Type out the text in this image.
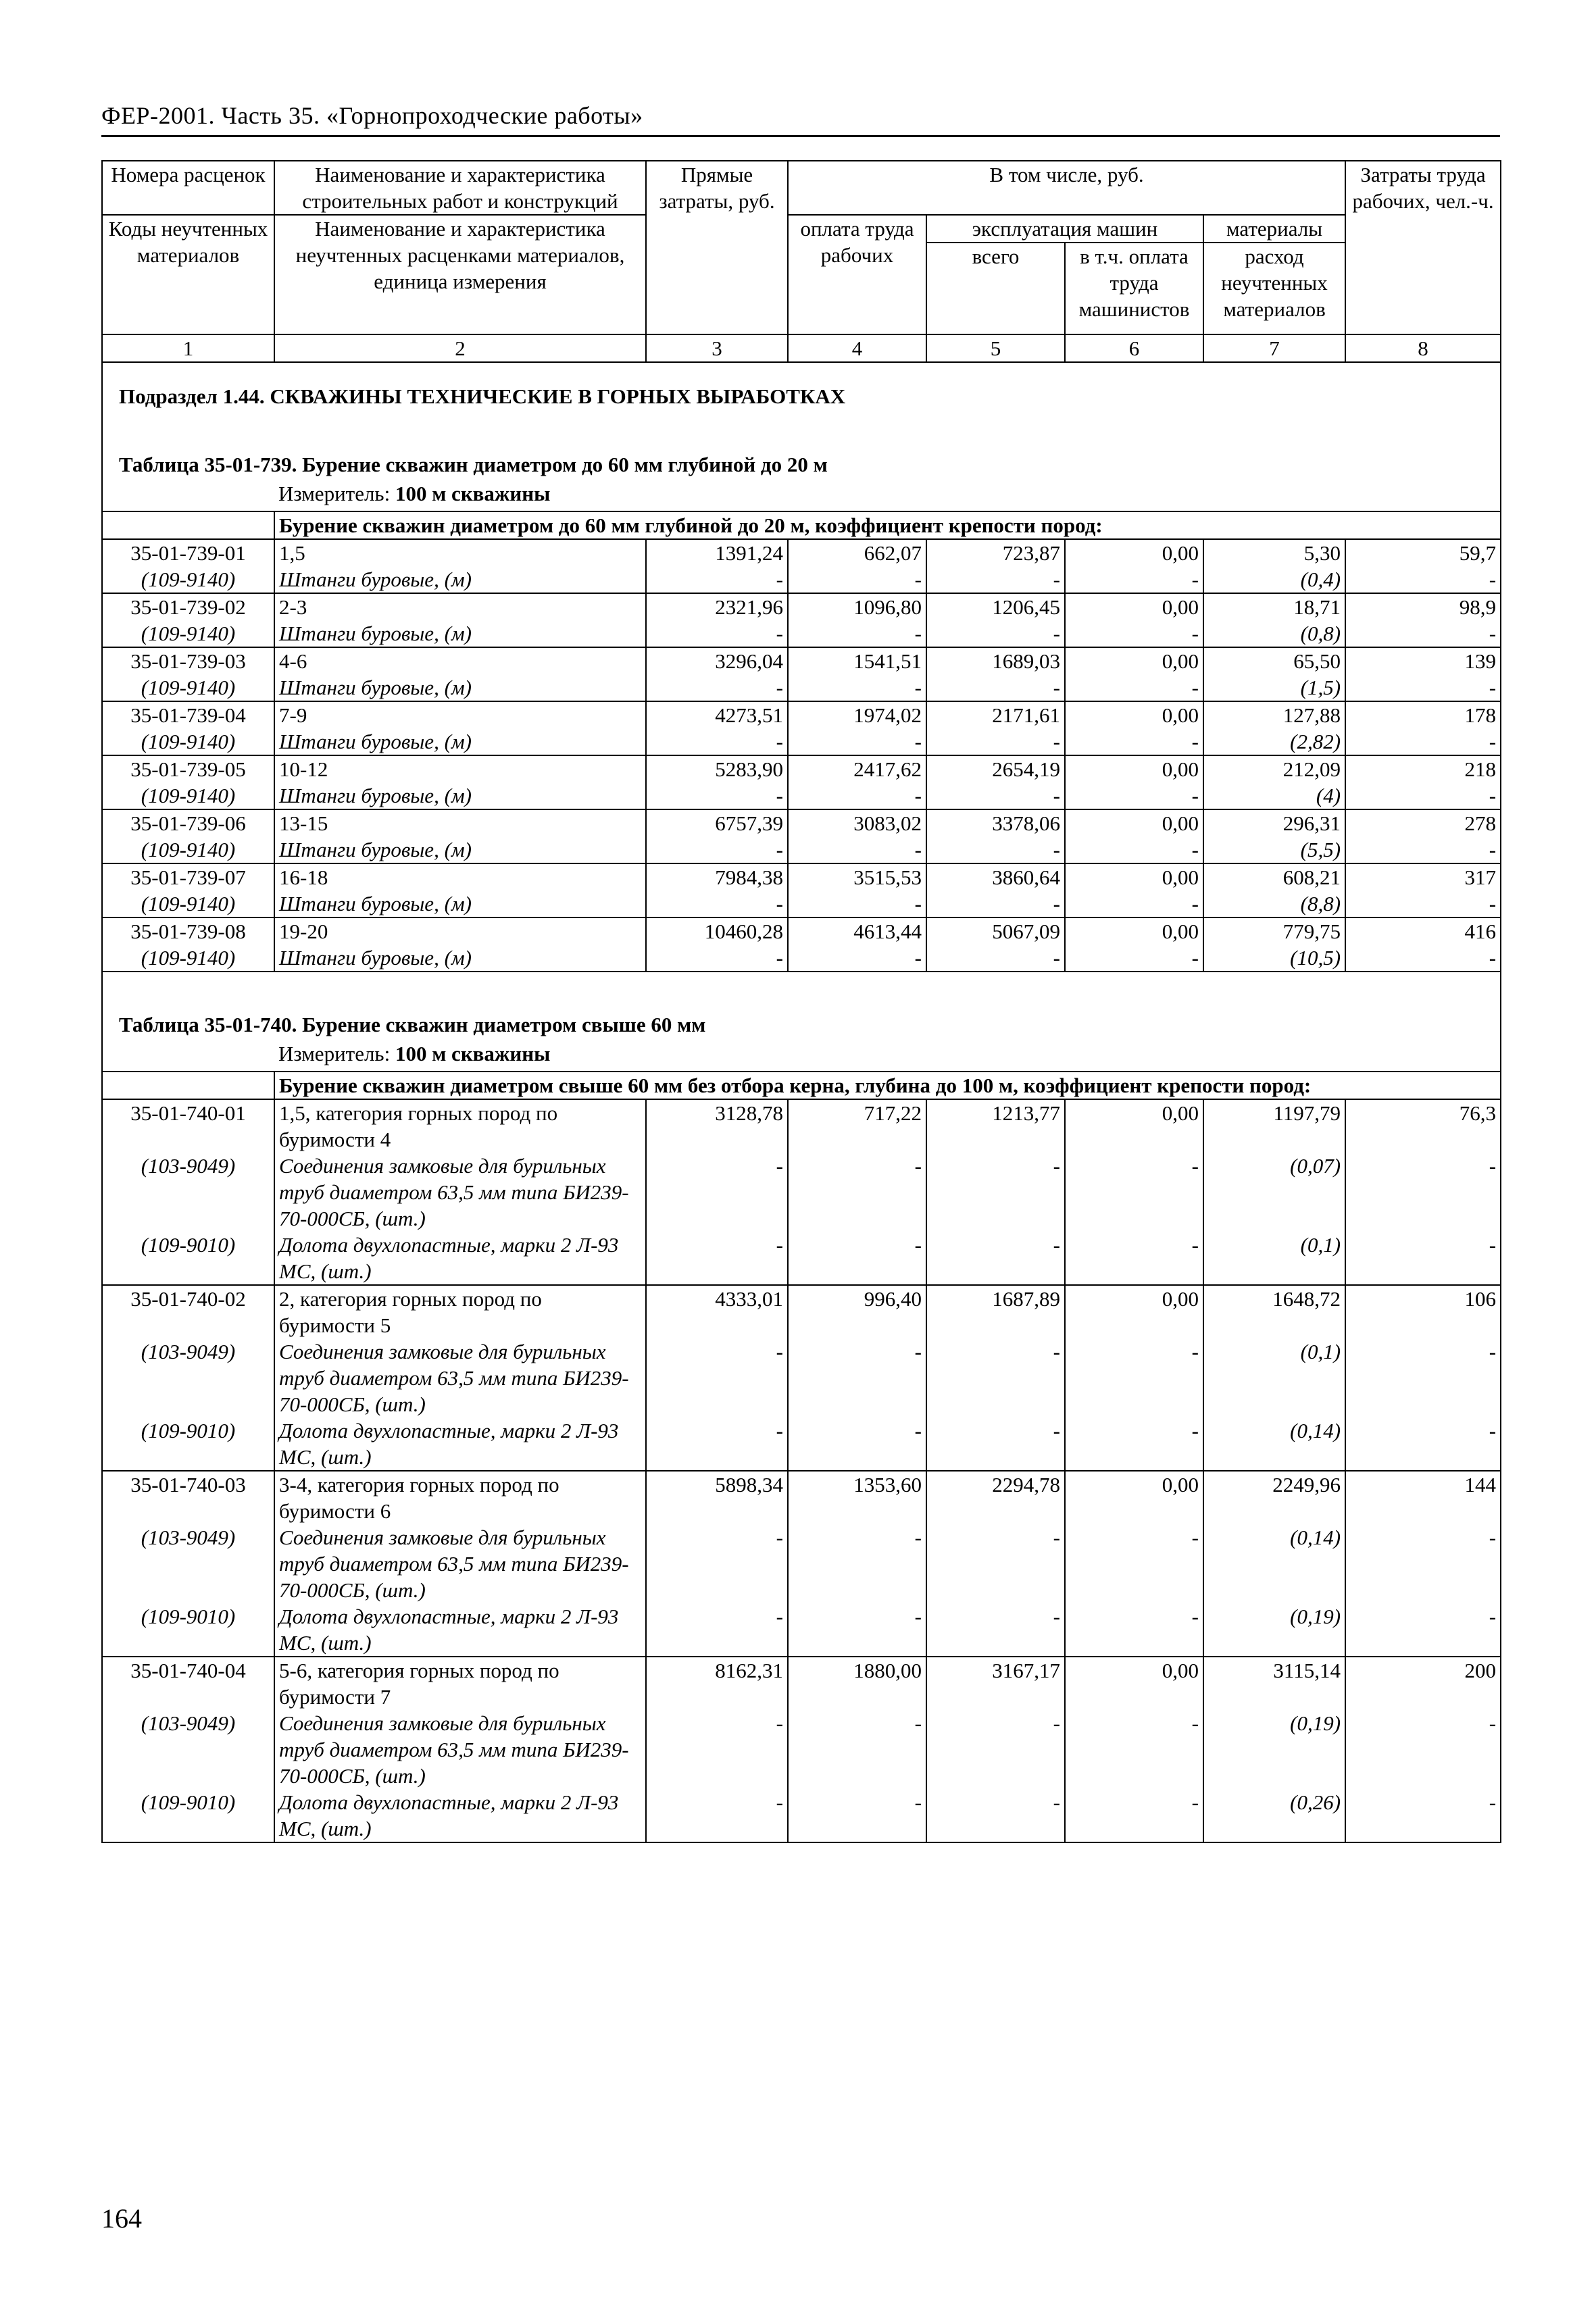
ФЕР-2001. Часть 35. «Горнопроходческие работы»
Номера расценок	Наименование и характеристика строительных работ и конструкций	Прямые затраты, руб.	В том числе, руб.				Затраты труда рабочих, чел.-ч.
Коды неучтенных материалов	Наименование и характеристика неучтенных расценками материалов, единица измерения		оплата труда рабочих	эксплуатация машин		материалы	
				всего	в т.ч. оплата труда машинистов	расход неучтенных материалов	
1	2	3	4	5	6	7	8
Подраздел 1.44. СКВАЖИНЫ ТЕХНИЧЕСКИЕ В ГОРНЫХ ВЫРАБОТКАХ							
Таблица 35-01-739. Бурение скважин диаметром до 60 мм глубиной до 20 м							
Измеритель: 100 м скважины							
	Бурение скважин диаметром до 60 мм глубиной до 20 м, коэффициент крепости пород:						
35-01-739-01	1,5	1391,24	662,07	723,87	0,00	5,30	59,7
(109-9140)	Штанги буровые, (м)	-	-	-	-	(0,4)	-
35-01-739-02	2-3	2321,96	1096,80	1206,45	0,00	18,71	98,9
(109-9140)	Штанги буровые, (м)	-	-	-	-	(0,8)	-
35-01-739-03	4-6	3296,04	1541,51	1689,03	0,00	65,50	139
(109-9140)	Штанги буровые, (м)	-	-	-	-	(1,5)	-
35-01-739-04	7-9	4273,51	1974,02	2171,61	0,00	127,88	178
(109-9140)	Штанги буровые, (м)	-	-	-	-	(2,82)	-
35-01-739-05	10-12	5283,90	2417,62	2654,19	0,00	212,09	218
(109-9140)	Штанги буровые, (м)	-	-	-	-	(4)	-
35-01-739-06	13-15	6757,39	3083,02	3378,06	0,00	296,31	278
(109-9140)	Штанги буровые, (м)	-	-	-	-	(5,5)	-
35-01-739-07	16-18	7984,38	3515,53	3860,64	0,00	608,21	317
(109-9140)	Штанги буровые, (м)	-	-	-	-	(8,8)	-
35-01-739-08	19-20	10460,28	4613,44	5067,09	0,00	779,75	416
(109-9140)	Штанги буровые, (м)	-	-	-	-	(10,5)	-

Таблица 35-01-740. Бурение скважин диаметром свыше 60 мм							
Измеритель: 100 м скважины							
	Бурение скважин диаметром свыше 60 мм без отбора керна, глубина до 100 м, коэффициент крепости пород:						
35-01-740-01	1,5, категория горных пород по буримости 4	3128,78	717,22	1213,77	0,00	1197,79	76,3
(103-9049)	Соединения замковые для бурильных труб диаметром 63,5 мм типа БИ239-70-000СБ, (шт.)	-	-	-	-	(0,07)	-
(109-9010)	Долота двухлопастные, марки 2 Л-93 МС, (шт.)	-	-	-	-	(0,1)	-
35-01-740-02	2, категория горных пород по буримости 5	4333,01	996,40	1687,89	0,00	1648,72	106
(103-9049)	Соединения замковые для бурильных труб диаметром 63,5 мм типа БИ239-70-000СБ, (шт.)	-	-	-	-	(0,1)	-
(109-9010)	Долота двухлопастные, марки 2 Л-93 МС, (шт.)	-	-	-	-	(0,14)	-
35-01-740-03	3-4, категория горных пород по буримости 6	5898,34	1353,60	2294,78	0,00	2249,96	144
(103-9049)	Соединения замковые для бурильных труб диаметром 63,5 мм типа БИ239-70-000СБ, (шт.)	-	-	-	-	(0,14)	-
(109-9010)	Долота двухлопастные, марки 2 Л-93 МС, (шт.)	-	-	-	-	(0,19)	-
35-01-740-04	5-6, категория горных пород по буримости 7	8162,31	1880,00	3167,17	0,00	3115,14	200
(103-9049)	Соединения замковые для бурильных труб диаметром 63,5 мм типа БИ239-70-000СБ, (шт.)	-	-	-	-	(0,19)	-
(109-9010)	Долота двухлопастные, марки 2 Л-93 МС, (шт.)	-	-	-	-	(0,26)	-
164
